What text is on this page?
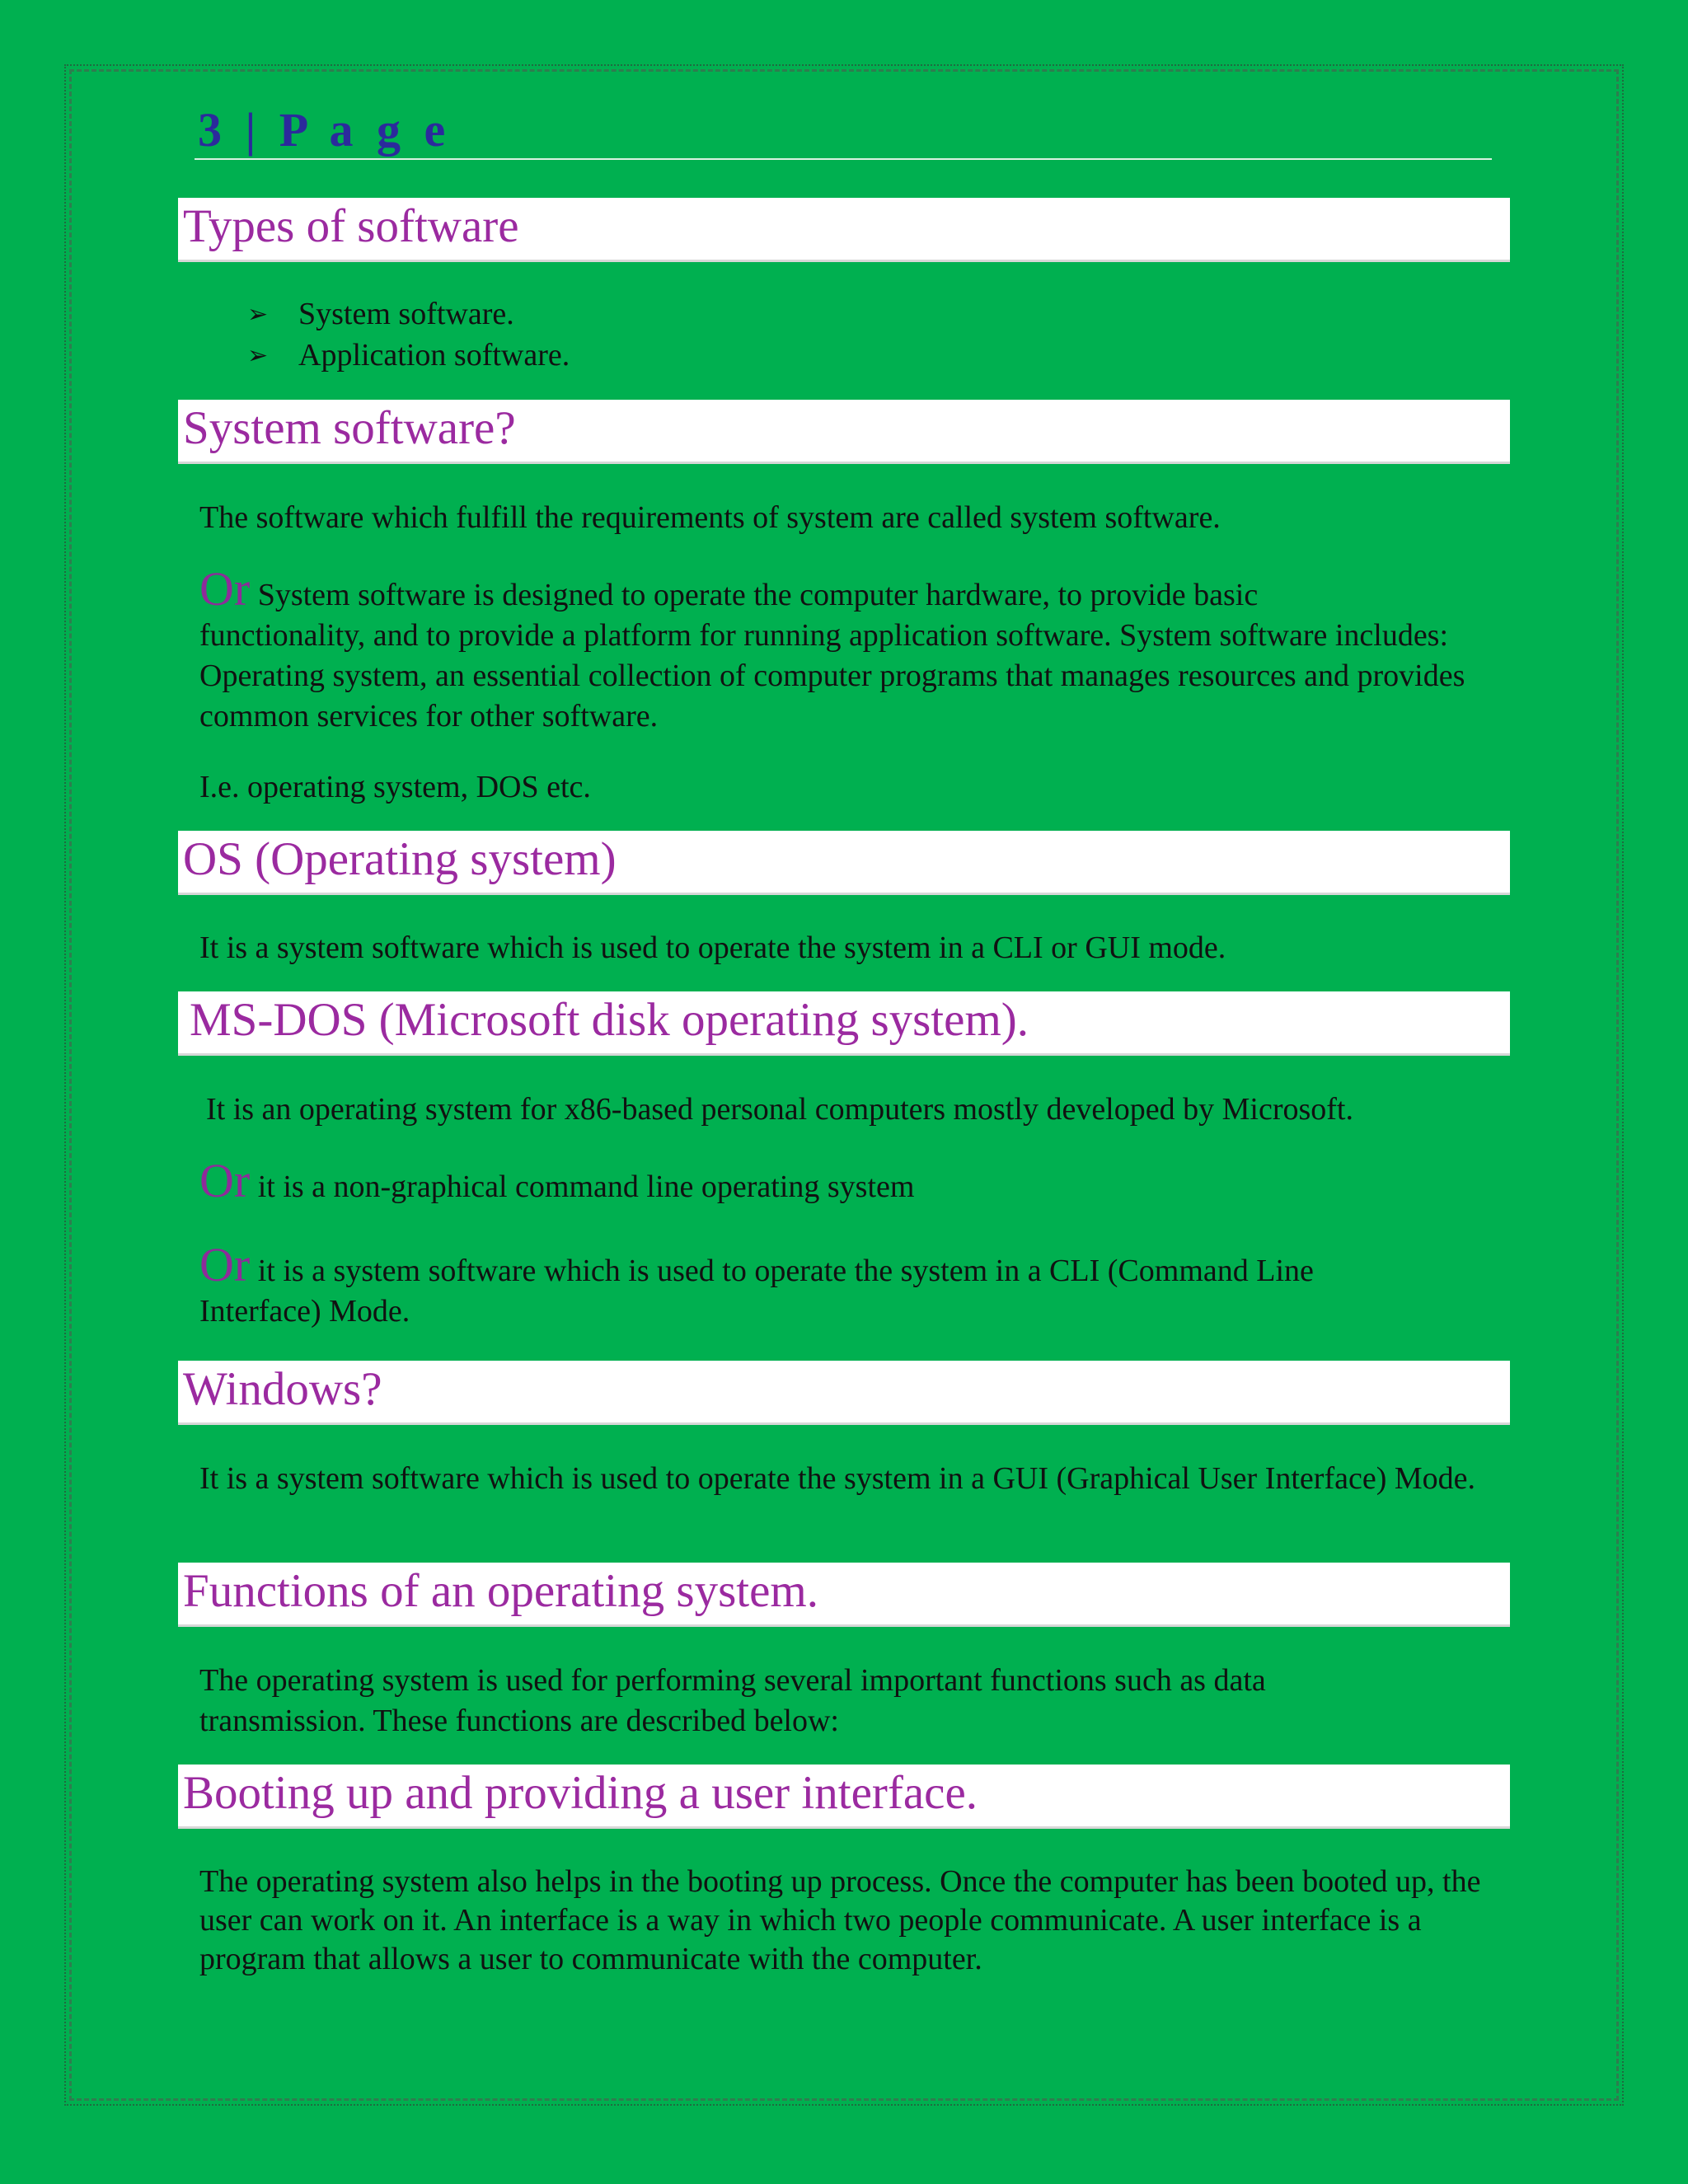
3 | P a g e
Types of software
➢ System software.
➢ Application software.
System software?
The software which fulfill the requirements of system are called system software.
Or System software is designed to operate the computer hardware, to provide basic
functionality, and to provide a platform for running application software. System software includes: Operating system, an essential collection of computer programs that manages resources and provides common services for other software.
I.e. operating system, DOS etc.
OS (Operating system)
It is a system software which is used to operate the system in a CLI or GUI mode.
MS-DOS (Microsoft disk operating system).
It is an operating system for x86-based personal computers mostly developed by Microsoft.
Or it is a non-graphical command line operating system
Or it is a system software which is used to operate the system in a CLI (Command Line
Interface) Mode.
Windows?
It is a system software which is used to operate the system in a GUI (Graphical User Interface) Mode.
Functions of an operating system.
The operating system is used for performing several important functions such as data transmission. These functions are described below:
Booting up and providing a user interface.
The operating system also helps in the booting up process. Once the computer has been booted up, the user can work on it. An interface is a way in which two people communicate. A user interface is a program that allows a user to communicate with the computer.
